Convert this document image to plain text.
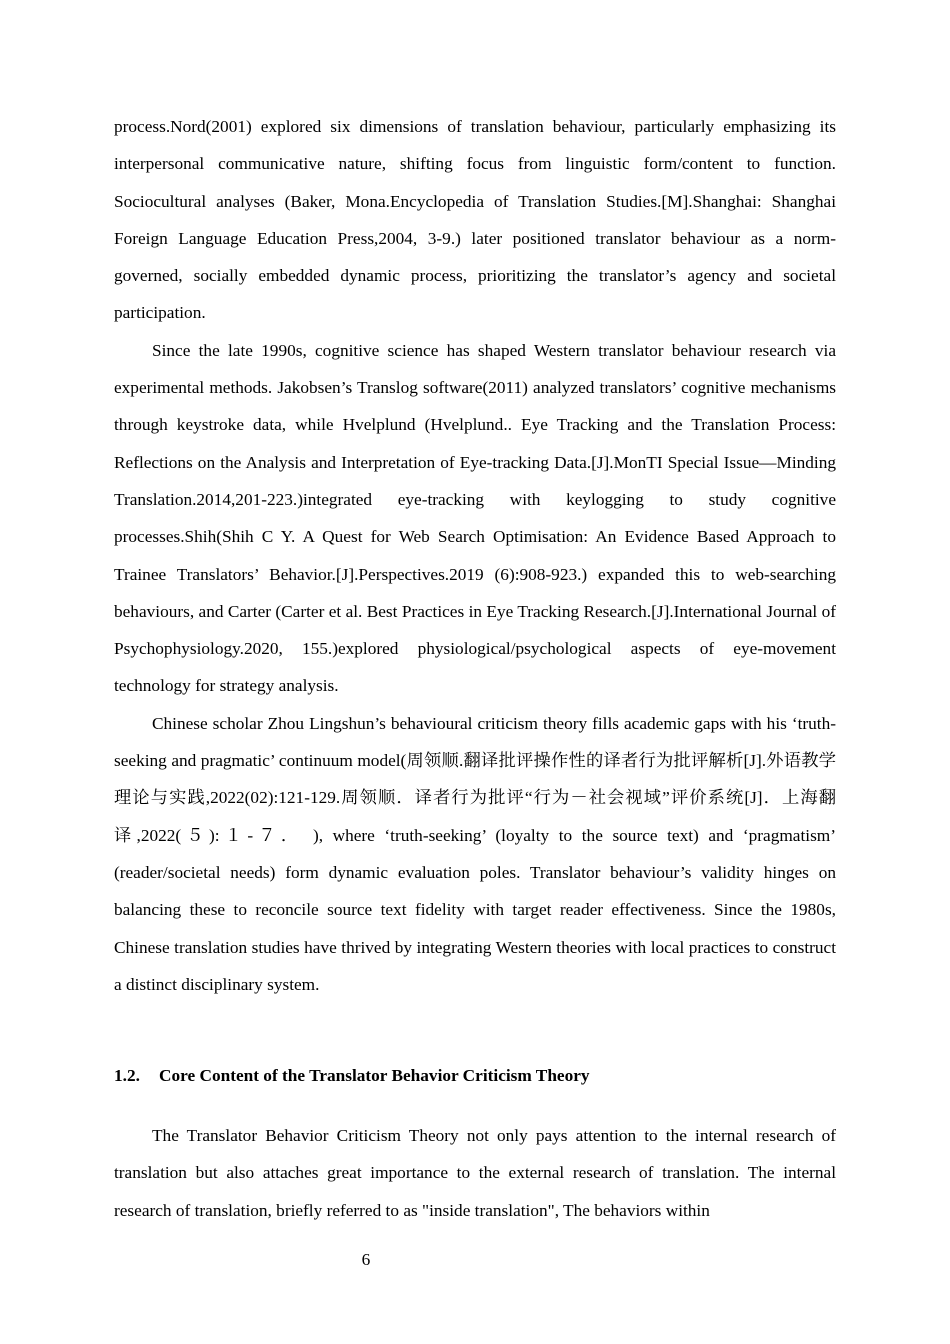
process.Nord(2001) explored six dimensions of translation behaviour, particularly emphasizing its interpersonal communicative nature, shifting focus from linguistic form/content to function. Sociocultural analyses (Baker, Mona.Encyclopedia of Translation Studies.[M].Shanghai: Shanghai Foreign Language Education Press,2004, 3-9.) later positioned translator behaviour as a norm-governed, socially embedded dynamic process, prioritizing the translator’s agency and societal participation.

Since the late 1990s, cognitive science has shaped Western translator behaviour research via experimental methods. Jakobsen’s Translog software(2011) analyzed translators’ cognitive mechanisms through keystroke data, while Hvelplund (Hvelplund.. Eye Tracking and the Translation Process: Reflections on the Analysis and Interpretation of Eye-tracking Data.[J].MonTI Special Issue—Minding Translation.2014,201-223.)integrated eye-tracking with keylogging to study cognitive processes.Shih(Shih C Y. A Quest for Web Search Optimisation: An Evidence Based Approach to Trainee Translators’ Behavior.[J].Perspectives.2019 (6):908-923.) expanded this to web-searching behaviours, and Carter (Carter et al. Best Practices in Eye Tracking Research.[J].International Journal of Psychophysiology.2020, 155.)explored physiological/psychological aspects of eye-movement technology for strategy analysis.

Chinese scholar Zhou Lingshun’s behavioural criticism theory fills academic gaps with his ‘truth-seeking and pragmatic’ continuum model(周领顺.翻译批评操作性的译者行为批评解析[J].外语教学理论与实践,2022(02):121-129.周领顺．译者行为批评“行为－社会视域”评价系统[J]．上海翻译,2022(５):１-７． ), where ‘truth-seeking’ (loyalty to the source text) and ‘pragmatism’ (reader/societal needs) form dynamic evaluation poles. Translator behaviour’s validity hinges on balancing these to reconcile source text fidelity with target reader effectiveness. Since the 1980s, Chinese translation studies have thrived by integrating Western theories with local practices to construct a distinct disciplinary system.

1.2. Core Content of the Translator Behavior Criticism Theory

The Translator Behavior Criticism Theory not only pays attention to the internal research of translation but also attaches great importance to the external research of translation. The internal research of translation, briefly referred to as "inside translation", The behaviors within

6
